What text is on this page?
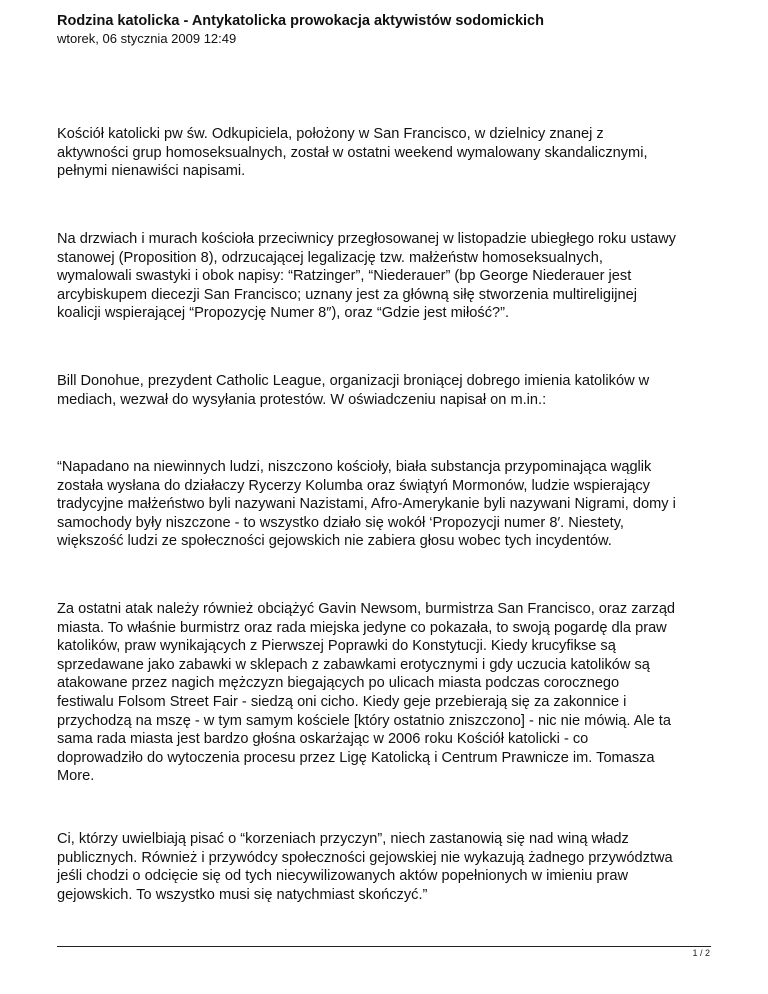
Rodzina katolicka - Antykatolicka prowokacja aktywistów sodomickich

wtorek, 06 stycznia 2009 12:49

Kościół katolicki pw św. Odkupiciela, położony w San Francisco, w dzielnicy znanej z

aktywności grup homoseksualnych, został w ostatni weekend wymalowany skandalicznymi,

pełnymi nienawiści napisami.

Na drzwiach i murach kościoła przeciwnicy przegłosowanej w listopadzie ubiegłego roku ustawy

stanowej (Proposition 8), odrzucającej legalizację tzw. małżeństw homoseksualnych,

wymalowali swastyki i obok napisy: “Ratzinger”, “Niederauer” (bp George Niederauer jest

arcybiskupem diecezji San Francisco; uznany jest za główną siłę stworzenia multireligijnej

koalicji wspierającej “Propozycję Numer 8″), oraz “Gdzie jest miłość?”.

Bill Donohue, prezydent Catholic League, organizacji broniącej dobrego imienia katolików w

mediach, wezwał do wysyłania protestów. W oświadczeniu napisał on m.in.:

“Napadano na niewinnych ludzi, niszczono kościoły, biała substancja przypominająca wąglik

została wysłana do działaczy Rycerzy Kolumba oraz świątyń Mormonów, ludzie wspierający

tradycyjne małżeństwo byli nazywani Nazistami, Afro-Amerykanie byli nazywani Nigrami, domy i

samochody były niszczone - to wszystko działo się wokół ‘Propozycji numer 8′. Niestety,

większość ludzi ze społeczności gejowskich nie zabiera głosu wobec tych incydentów.

Za ostatni atak należy również obciążyć Gavin Newsom, burmistrza San Francisco, oraz zarząd

miasta. To właśnie burmistrz oraz rada miejska jedyne co pokazała, to swoją pogardę dla praw

katolików, praw wynikających z Pierwszej Poprawki do Konstytucji. Kiedy krucyfikse są

sprzedawane jako zabawki w sklepach z zabawkami erotycznymi i gdy uczucia katolików są

atakowane przez nagich mężczyzn biegających po ulicach miasta podczas corocznego

festiwalu Folsom Street Fair - siedzą oni cicho. Kiedy geje przebierają się za zakonnice i

przychodzą na mszę - w tym samym kościele [który ostatnio zniszczono] - nic nie mówią. Ale ta

sama rada miasta jest bardzo głośna oskarżając w 2006 roku Kościół katolicki - co

doprowadziło do wytoczenia procesu przez Ligę Katolicką i Centrum Prawnicze im. Tomasza

More.

Ci, którzy uwielbiają pisać o “korzeniach przyczyn”, niech zastanowią się nad winą władz

publicznych. Również i przywódcy społeczności gejowskiej nie wykazują żadnego przywództwa

jeśli chodzi o odcięcie się od tych niecywilizowanych aktów popełnionych w imieniu praw

gejowskich. To wszystko musi się natychmiast skończyć.”

1 / 2
